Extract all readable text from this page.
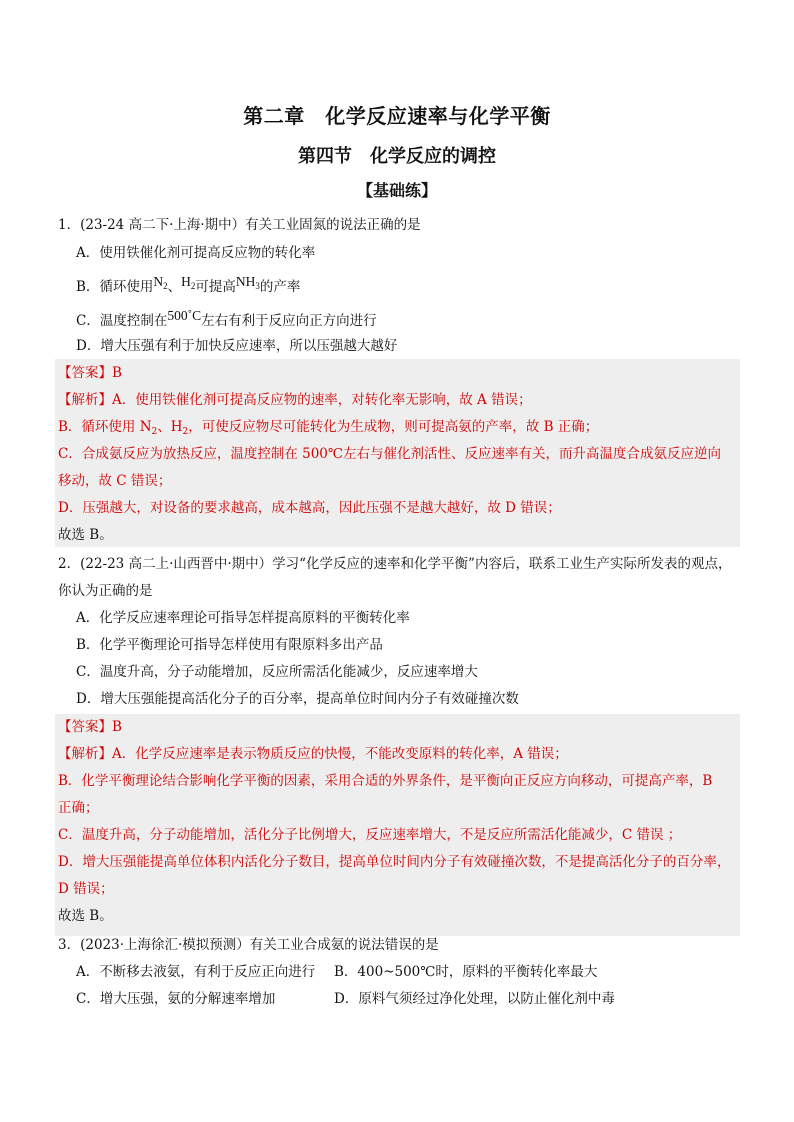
第二章　化学反应速率与化学平衡
第四节　化学反应的调控
【基础练】
1．(23-24 高二下·上海·期中）有关工业固氮的说法正确的是
A．使用铁催化剂可提高反应物的转化率
B．循环使用$N_2$、$H_2$可提高$NH_3$的产率
C．温度控制在500˚C左右有利于反应向正方向进行
D．增大压强有利于加快反应速率，所以压强越大越好
【答案】B
【解析】A．使用铁催化剂可提高反应物的速率，对转化率无影响，故 A 错误；
B．循环使用 $N_2$、$H_2$，可使反应物尽可能转化为生成物，则可提高氨的产率，故 B 正确；
C．合成氨反应为放热反应，温度控制在 500℃左右与催化剂活性、反应速率有关，而升高温度合成氨反应逆向
移动，故 C 错误；
D．压强越大，对设备的要求越高，成本越高，因此压强不是越大越好，故 D 错误；
故选 B。
2．(22-23 高二上·山西晋中·期中）学习“化学反应的速率和化学平衡”内容后，联系工业生产实际所发表的观点，
你认为正确的是
A．化学反应速率理论可指导怎样提高原料的平衡转化率
B．化学平衡理论可指导怎样使用有限原料多出产品
C．温度升高，分子动能增加，反应所需活化能减少，反应速率增大
D．增大压强能提高活化分子的百分率，提高单位时间内分子有效碰撞次数
【答案】B
【解析】A．化学反应速率是表示物质反应的快慢，不能改变原料的转化率，A 错误；
B．化学平衡理论结合影响化学平衡的因素，采用合适的外界条件，是平衡向正反应方向移动，可提高产率，B
正确；
C．温度升高，分子动能增加，活化分子比例增大，反应速率增大，不是反应所需活化能减少，C 错误 ；
D．增大压强能提高单位体积内活化分子数目，提高单位时间内分子有效碰撞次数，不是提高活化分子的百分率，
D 错误；
故选 B。
3．(2023·上海徐汇·模拟预测）有关工业合成氨的说法错误的是
A．不断移去液氨，有利于反应正向进行 B．400~500℃时，原料的平衡转化率最大
C．增大压强，氨的分解速率增加	D．原料气须经过净化处理，以防止催化剂中毒
